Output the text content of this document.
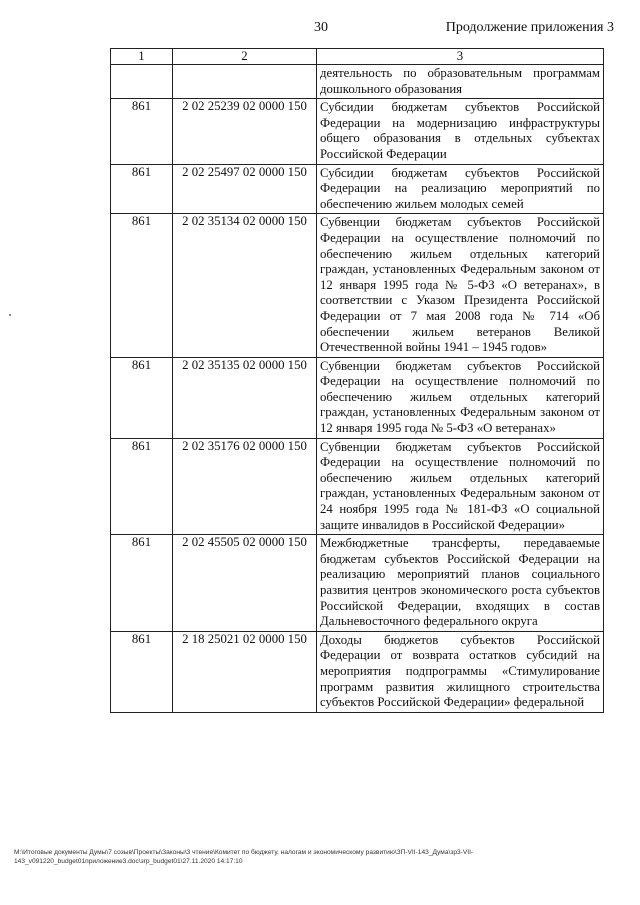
30	Продолжение приложения 3
1	2	3
		деятельность по образовательным программам дошкольного образования
861	2 02 25239 02 0000 150	Субсидии бюджетам субъектов Российской Федерации на модернизацию инфраструктуры общего образования в отдельных субъектах Российской Федерации
861	2 02 25497 02 0000 150	Субсидии бюджетам субъектов Российской Федерации на реализацию мероприятий по обеспечению жильем молодых семей
861	2 02 35134 02 0000 150	Субвенции бюджетам субъектов Российской Федерации на осуществление полномочий по обеспечению жильем отдельных категорий граждан, установленных Федеральным законом от 12 января 1995 года № 5-ФЗ «О ветеранах», в соответствии с Указом Президента Российской Федерации от 7 мая 2008 года № 714 «Об обеспечении жильем ветеранов Великой Отечественной войны 1941 – 1945 годов»
861	2 02 35135 02 0000 150	Субвенции бюджетам субъектов Российской Федерации на осуществление полномочий по обеспечению жильем отдельных категорий граждан, установленных Федеральным законом от 12 января 1995 года № 5-ФЗ «О ветеранах»
861	2 02 35176 02 0000 150	Субвенции бюджетам субъектов Российской Федерации на осуществление полномочий по обеспечению жильем отдельных категорий граждан, установленных Федеральным законом от 24 ноября 1995 года № 181-ФЗ «О социальной защите инвалидов в Российской Федерации»
861	2 02 45505 02 0000 150	Межбюджетные трансферты, передаваемые бюджетам субъектов Российской Федерации на реализацию мероприятий планов социального развития центров экономического роста субъектов Российской Федерации, входящих в состав Дальневосточного федерального округа
861	2 18 25021 02 0000 150	Доходы бюджетов субъектов Российской Федерации от возврата остатков субсидий на мероприятия подпрограммы «Стимулирование программ развития жилищного строительства субъектов Российской Федерации» федеральной
M:\Итоговые документы Думы\7 созыв\Проекты\Законы\3 чтение\Комитет по бюджету, налогам и экономическому развитию\ЗП-VII-143_Дума\зр3-VII-143_v091220_budget01приложение3.doc\зrp_budget01\27.11.2020 14:17:10
